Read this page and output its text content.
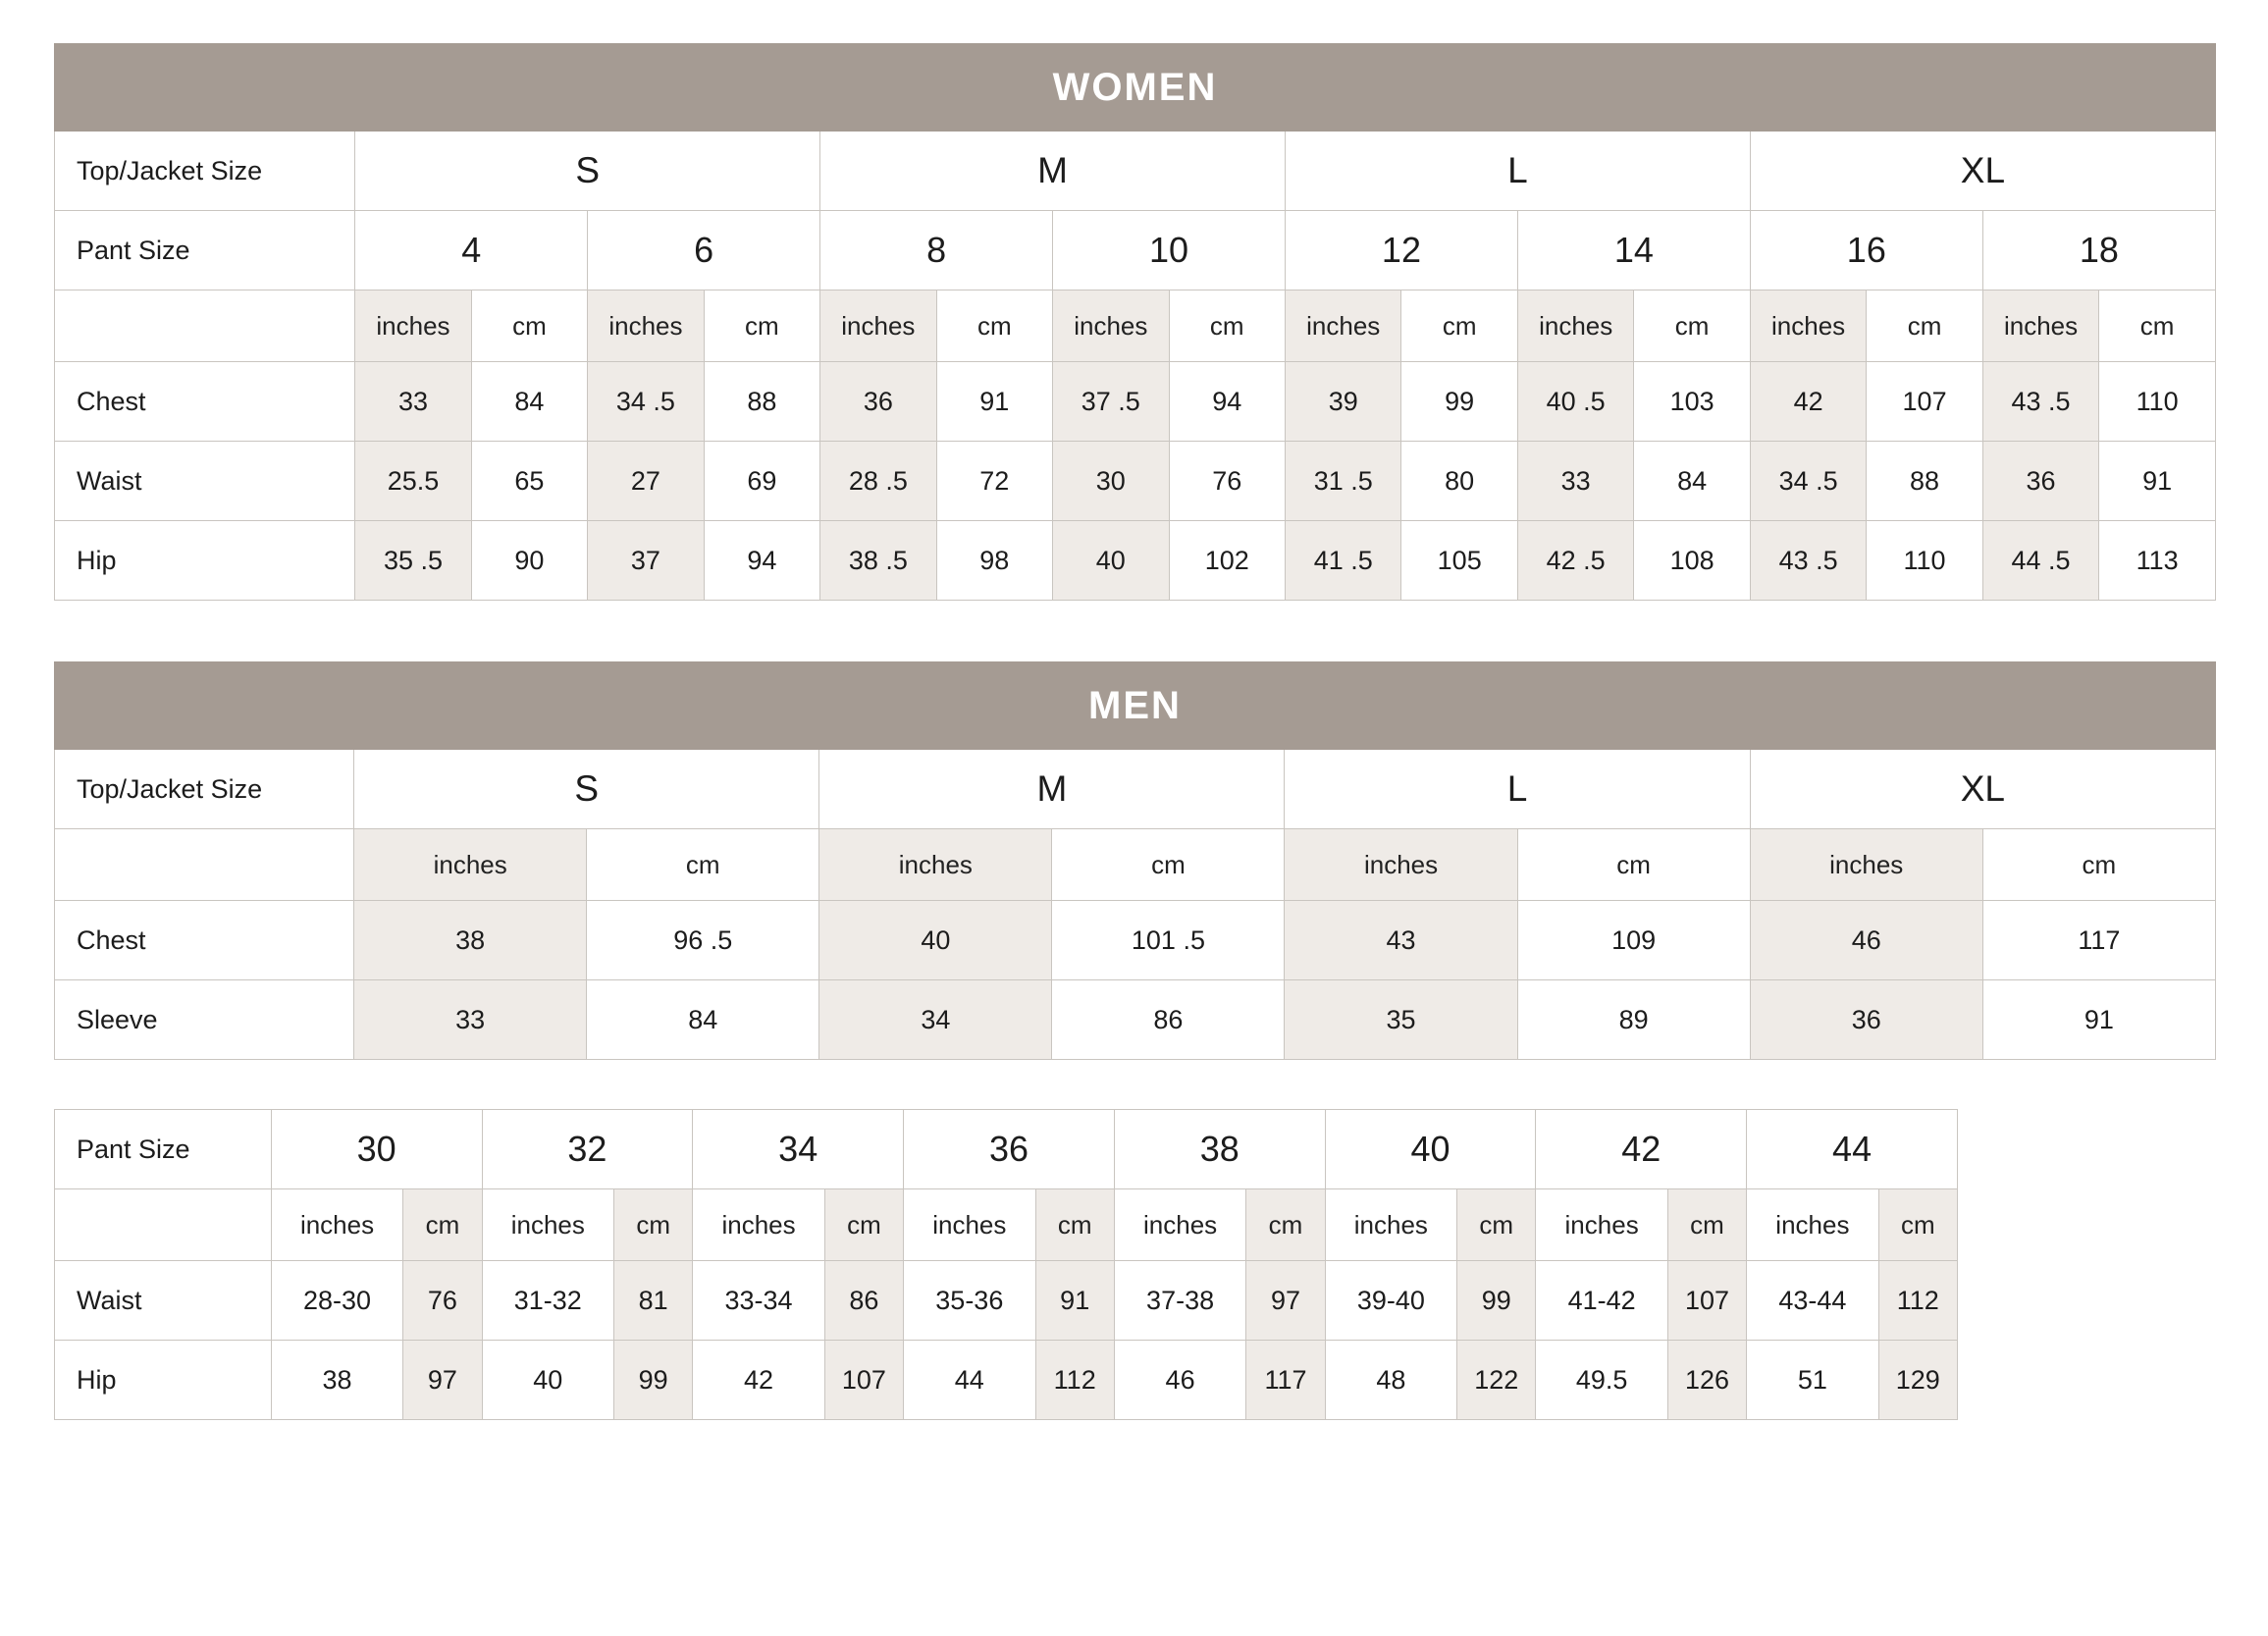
WOMEN																
Top/Jacket Size	S				M				L				XL			
Pant Size	4		6		8		10		12		14		16		18	
	inches	cm	inches	cm	inches	cm	inches	cm	inches	cm	inches	cm	inches	cm	inches	cm
Chest	33	84	34 .5	88	36	91	37 .5	94	39	99	40 .5	103	42	107	43 .5	110
Waist	25.5	65	27	69	28 .5	72	30	76	31 .5	80	33	84	34 .5	88	36	91
Hip	35 .5	90	37	94	38 .5	98	40	102	41 .5	105	42 .5	108	43 .5	110	44 .5	113
MEN								
Top/Jacket Size	S		M		L		XL	
	inches	cm	inches	cm	inches	cm	inches	cm
Chest	38	96 .5	40	101 .5	43	109	46	117
Sleeve	33	84	34	86	35	89	36	91
Pant Size	30		32		34		36		38		40		42		44	
	inches	cm	inches	cm	inches	cm	inches	cm	inches	cm	inches	cm	inches	cm	inches	cm
Waist	28-30	76	31-32	81	33-34	86	35-36	91	37-38	97	39-40	99	41-42	107	43-44	112
Hip	38	97	40	99	42	107	44	112	46	117	48	122	49.5	126	51	129
